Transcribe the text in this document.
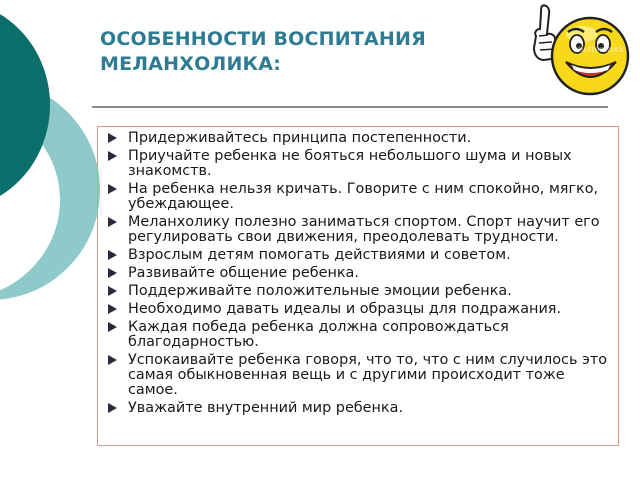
ОСОБЕННОСТИ ВОСПИТАНИЯ
МЕЛАНХОЛИКА:
shutterstock
Придерживайтесь принципа постепенности.
Приучайте ребенка не бояться небольшого шума и новых знакомств.
На ребенка нельзя кричать. Говорите с ним спокойно, мягко, убеждающее.
Меланхолику полезно заниматься спортом. Спорт научит его регулировать свои движения, преодолевать трудности.
Взрослым детям помогать действиями и советом.
Развивайте общение ребенка.
Поддерживайте положительные эмоции ребенка.
Необходимо давать идеалы и образцы для подражания.
Каждая победа ребенка должна сопровождаться благодарностью.
Успокаивайте ребенка говоря, что то, что с ним случилось это самая обыкновенная вещь и с другими происходит тоже самое.
Уважайте внутренний мир ребенка.
